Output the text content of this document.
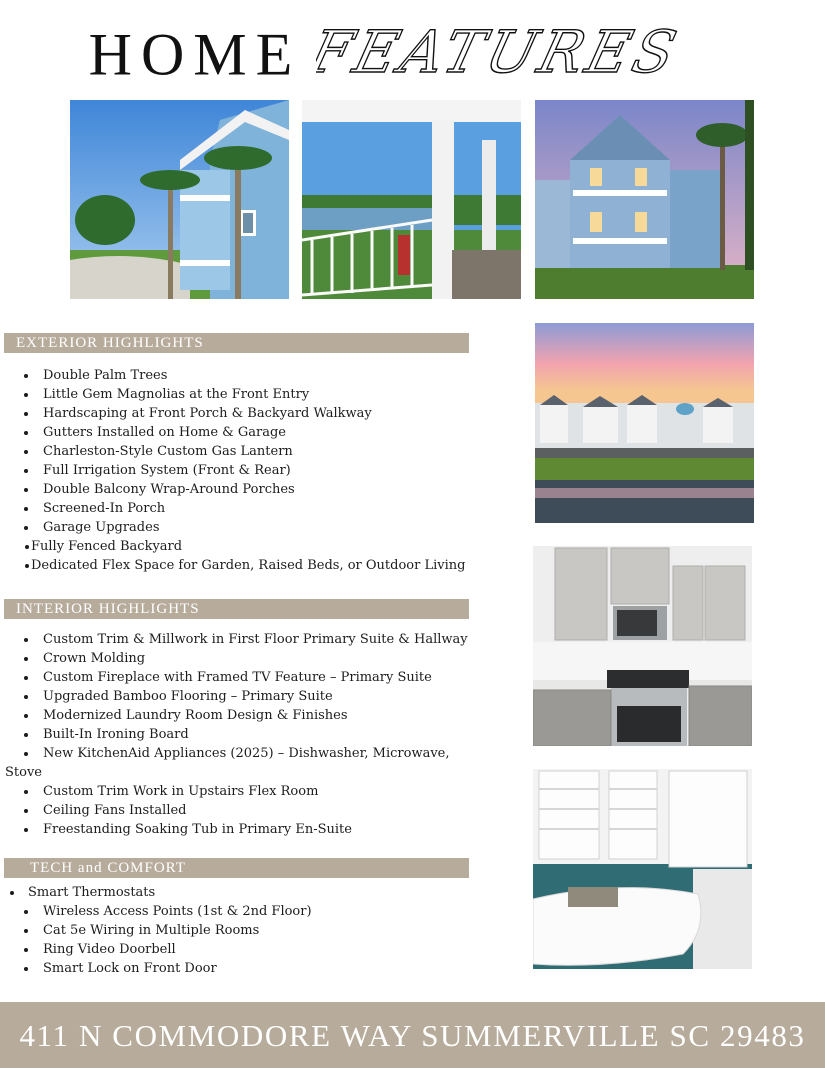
HOME FEATURES
EXTERIOR HIGHLIGHTS
INTERIOR HIGHLIGHTS
TECH and COMFORT
Double Palm Trees
Little Gem Magnolias at the Front Entry
Hardscaping at Front Porch & Backyard Walkway
Gutters Installed on Home & Garage
Charleston-Style Custom Gas Lantern
Full Irrigation System (Front & Rear)
Double Balcony Wrap-Around Porches
Screened-In Porch
Garage Upgrades
Fully Fenced Backyard
Dedicated Flex Space for Garden, Raised Beds, or Outdoor Living
Custom Trim & Millwork in First Floor Primary Suite & Hallway
Crown Molding
Custom Fireplace with Framed TV Feature – Primary Suite
Upgraded Bamboo Flooring – Primary Suite
Modernized Laundry Room Design & Finishes
Built-In Ironing Board
New KitchenAid Appliances (2025) – Dishwasher, Microwave,
Stove
Custom Trim Work in Upstairs Flex Room
Ceiling Fans Installed
Freestanding Soaking Tub in Primary En-Suite
Smart Thermostats
Wireless Access Points (1st & 2nd Floor)
Cat 5e Wiring in Multiple Rooms
Ring Video Doorbell
Smart Lock on Front Door
411 N COMMODORE WAY SUMMERVILLE SC 29483
